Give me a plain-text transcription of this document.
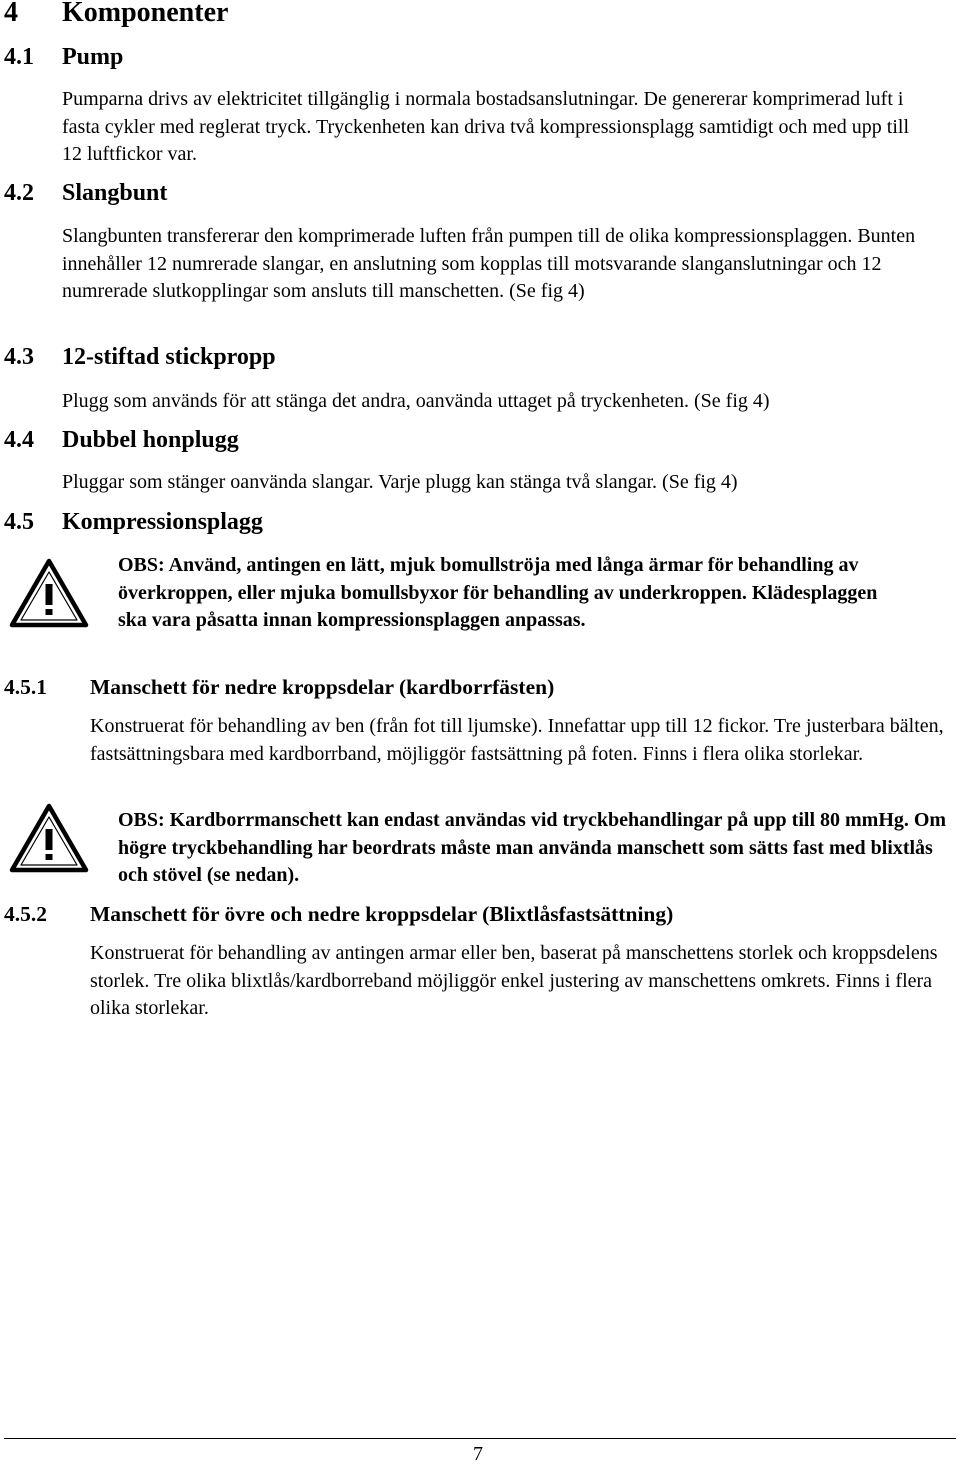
4 Komponenter
4.1 Pump

Pumparna drivs av elektricitet tillgänglig i normala bostadsanslutningar. De genererar komprimerad luft i fasta cykler med reglerat tryck. Tryckenheten kan driva två kompressionsplagg samtidigt och med upp till 12 luftfickor var.

4.2 Slangbunt

Slangbunten transfererar den komprimerade luften från pumpen till de olika kompressionsplaggen. Bunten innehåller 12 numrerade slangar, en anslutning som kopplas till motsvarande slanganslutningar och 12 numrerade slutkopplingar som ansluts till manschetten. (Se fig 4)

4.3 12-stiftad stickpropp

Plugg som används för att stänga det andra, oanvända uttaget på tryckenheten. (Se fig 4)

4.4 Dubbel honplugg

Pluggar som stänger oanvända slangar. Varje plugg kan stänga två slangar. (Se fig 4)

4.5 Kompressionsplagg

OBS: Använd, antingen en lätt, mjuk bomullströja med långa ärmar för behandling av överkroppen, eller mjuka bomullsbyxor för behandling av underkroppen. Klädesplaggen ska vara påsatta innan kompressionsplaggen anpassas.

4.5.1 Manschett för nedre kroppsdelar (kardborrfästen)

Konstruerat för behandling av ben (från fot till ljumske). Innefattar upp till 12 fickor. Tre justerbara bälten, fastsättningsbara med kardborrband, möjliggör fastsättning på foten. Finns i flera olika storlekar.

OBS: Kardborrmanschett kan endast användas vid tryckbehandlingar på upp till 80 mmHg. Om högre tryckbehandling har beordrats måste man använda manschett som sätts fast med blixtlås och stövel (se nedan).

4.5.2 Manschett för övre och nedre kroppsdelar (Blixtlåsfastsättning)

Konstruerat för behandling av antingen armar eller ben, baserat på manschettens storlek och kroppsdelens storlek. Tre olika blixtlås/kardborreband möjliggör enkel justering av manschettens omkrets. Finns i flera olika storlekar.

7
